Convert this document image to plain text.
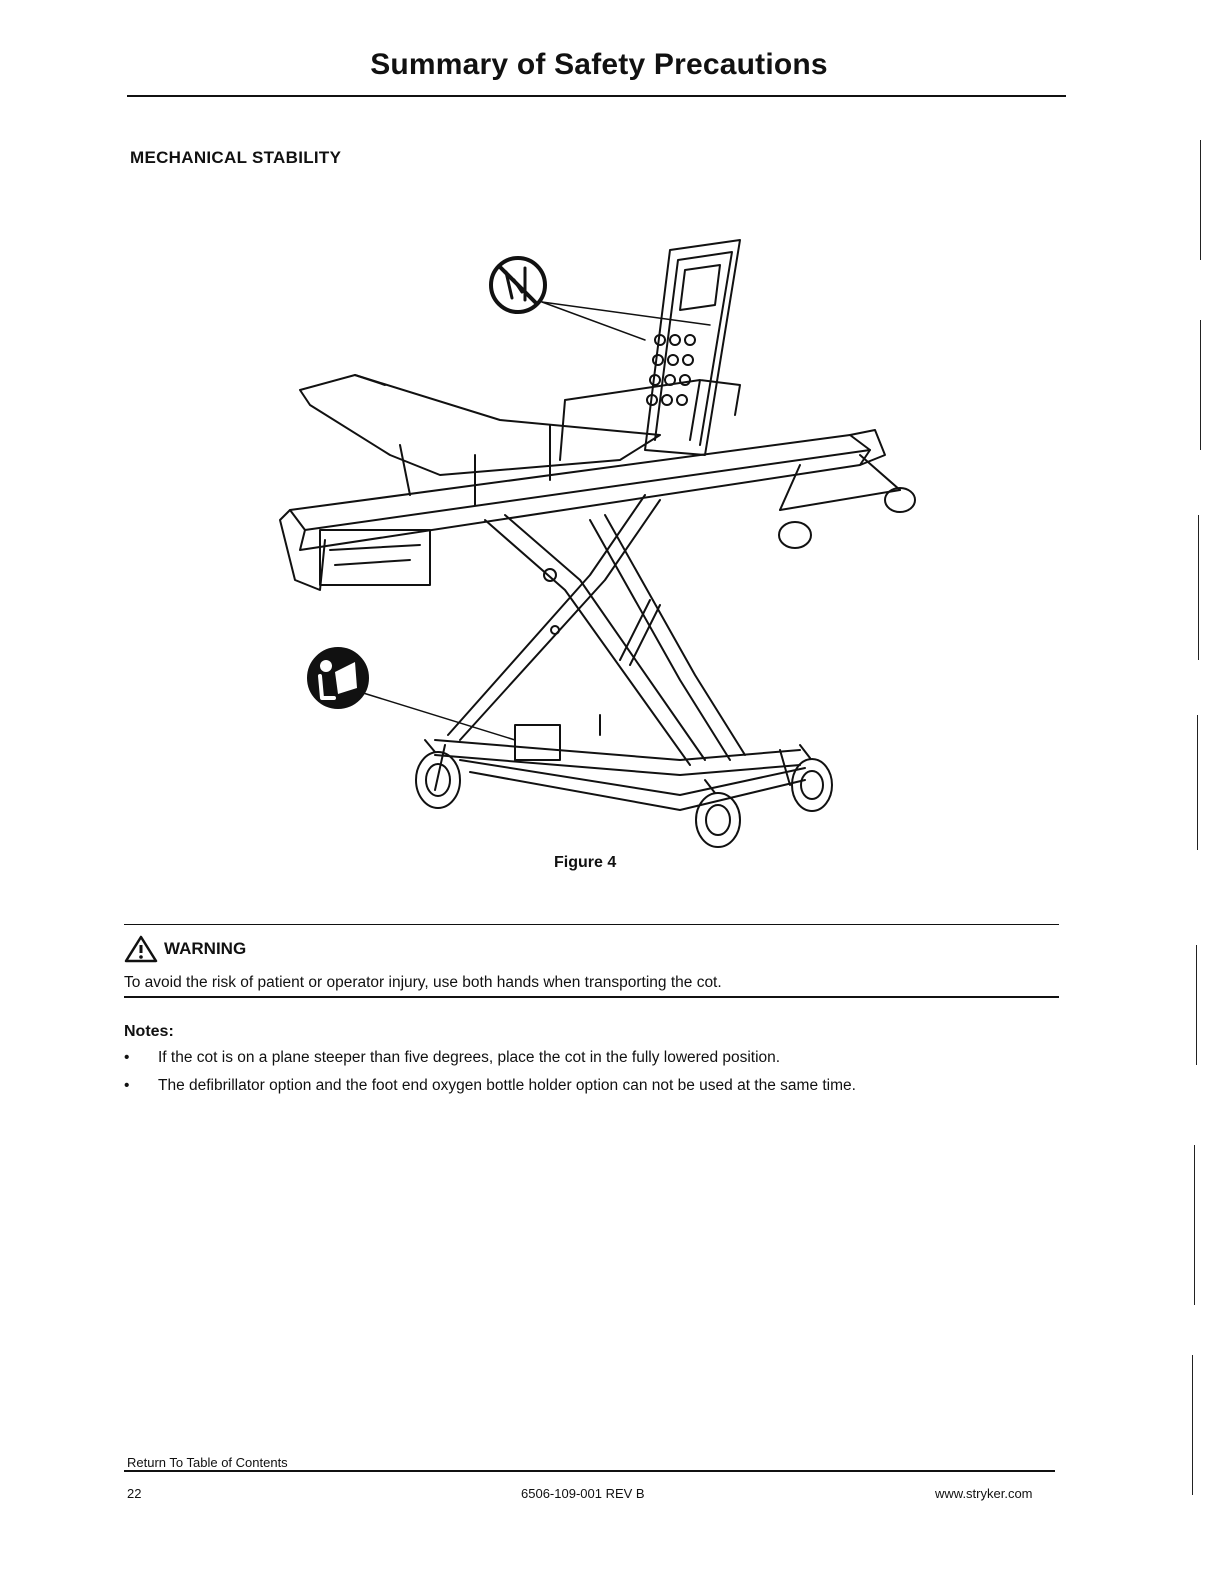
Summary of Safety Precautions
MECHANICAL STABILITY
Figure 4
WARNING
To avoid the risk of patient or operator injury, use both hands when transporting the cot.
Notes:
•	If the cot is on a plane steeper than five degrees, place the cot in the fully lowered position.
•	The defibrillator option and the foot end oxygen bottle holder option can not be used at the same time.
Return To Table of Contents
22	6506-109-001 REV B	www.stryker.com
